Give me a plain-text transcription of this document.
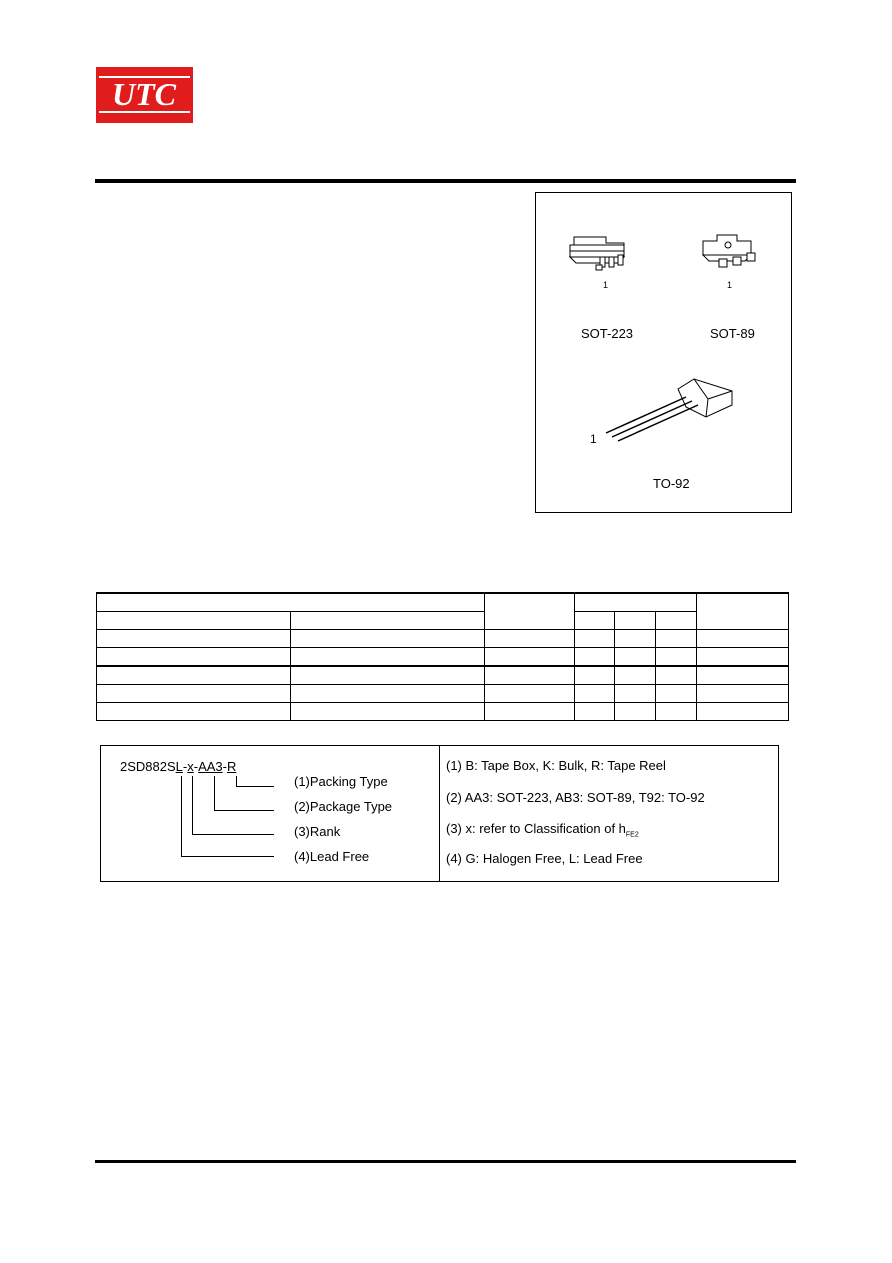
UTC
1
SOT-223
1
SOT-89
1
TO-92

2SD882SL-x-AA3-R
(1)Packing Type
(2)Package Type
(3)Rank
(4)Lead Free
(1) B: Tape Box, K: Bulk, R: Tape Reel
(2) AA3: SOT-223, AB3: SOT-89, T92: TO-92
(3) x: refer to Classification of $h_{FE2}$
(4) G: Halogen Free, L: Lead Free
